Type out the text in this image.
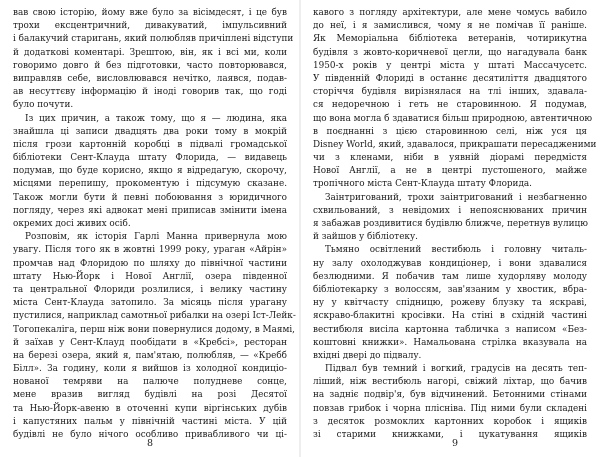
вав свою історію, йому вже було за вісімдесят, і це був
трохи ексцентричний, дивакуватий, імпульсивний
і балакучий старигань, який полюбляв причіплені відступи
й додаткові коментарі. Зрештою, він, як і всі ми, коли
говоримо довго й без підготовки, часто повторювався,
виправляв себе, висловлювався нечітко, лаявся, подав-
ав несуттєву інформацію й іноді говорив так, що годі
було почути.
Із цих причин, а також тому, що я — людина, яка
знайшла ці записи двадцять два роки тому в мокрій
після грози картонній коробці в підвалі громадської
бібліотеки Сент-Клауда штату Флорида, — видавець
подумав, що буде корисно, якщо я відредагую, скорочу,
місцями перепишу, прокоментую і підсумую сказане.
Також могли бути й певні побоювання з юридичного
погляду, через які адвокат мені приписав змінити імена
окремих досі живих осіб.
Розповім, як історія Гарлі Манна привернула мою
увагу. Після того як в жовтні 1999 року, ураган «Айрін»
промчав над Флоридою по шляху до північної частини
штату Нью-Йорк і Нової Англії, озера південної
та центральної Флориди розлилися, і велику частину
міста Сент-Клауда затопило. За місяць після урагану
пустилися, наприклад самотньої рибалки на озері Іст-Лейк-
Тогопекаліга, перш ніж вони повернулися додому, в Маямі,
й заїхав у Сент-Клауд пообідати в «Кребсі», ресторан
на березі озера, який я, пам'ятаю, полюбляв, — «Кребб
Білл». За годину, коли я вийшов із холодної кондиціо-
нованої темряви на палюче полудневе сонце,
мене вразив вигляд будівлі на розі Десятої
та Нью-Йорк-авеню в оточенні купи віргінських дубів
і капустяних пальм у північній частині міста. У цій
будівлі не було нічого особливо привабливого чи ці-
кавого з погляду архітектури, але мене чомусь вабило
до неї, і я замислився, чому я не помічав її раніше.
Як Меморіальна бібліотека ветеранів, чотирикутна
будівля з жовто-коричневої цегли, що нагадувала банк
1950-х років у центрі міста у штаті Массачусетс.
У південній Флориді в останнє десятиліття двадцятого
сторіччя будівля вирізнялася на тлі інших, здавала-
ся недоречною і геть не старовинною. Я подумав,
що вона могла б здаватися більш природною, автентичною
в поєднанні з цією старовинною селі, ніж уся ця
Disney World, який, здавалося, прикрашати пересадженими
чи з кленами, ніби в уявній діорамі передмістя
Нової Англії, а не в центрі пустошеного, майже
тропічного міста Сент-Клауда штату Флорида.
Заінтригований, трохи заінтригований і незбагненно
схвильований, з невідомих і непояснюваних причин
я забажав роздивитися будівлю ближче, перетнув вулицю
й зайшов у бібліотеку.
Тьмяно освітлений вестибюль і головну читаль-
ну залу охолоджував кондиціонер, і вони здавалися
безлюдними. Я побачив там лише худорляву молоду
бібліотекарку з волоссям, зав'язаним у хвостик, вбра-
ну у квітчасту спідницю, рожеву блузку та яскраві,
яскраво-блакитні кросівки. На стіні в східній частині
вестибюля висіла картонна табличка з написом «Без-
коштовні книжки». Намальована стрілка вказувала на
вхідні двері до підвалу.
Підвал був темний і вогкий, градусів на десять теп-
ліший, ніж вестибюль нагорі, свіжий ліхтар, що бачив
на задніє подвір'я, був відчинений. Бетонними стінами
повзав грибок і чорна плісніва. Під ними були складені
з десяток розмоклих картонних коробок і ящиків
зі старими книжками, і цукатування ящиків
8	9
